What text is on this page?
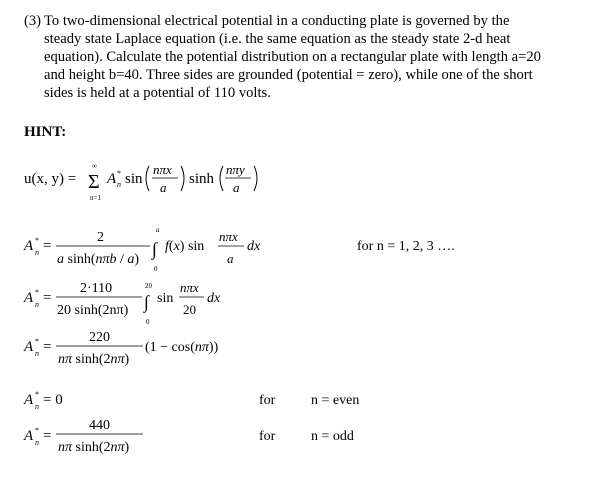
(3) To two-dimensional electrical potential in a conducting plate is governed by the
steady state Laplace equation (i.e. the same equation as the steady state 2-d heat
equation). Calculate the potential distribution on a rectangular plate with length a=20
and height b=40. Three sides are grounded (potential = zero), while one of the short
sides is held at a potential of 110 volts.
HINT:
u(x, y) =
∞
Σ
n=1
A *
n sin
nπx
a
sinh
nπy
a
A *
n =
2
a sinh(nπb / a)
a
∫
0
f(x) sin
nπx
a
dx	for n = 1, 2, 3 ….
A *
n =
2·110
20 sinh(2nπ)
20
∫
0
sin
nπx
20
dx
A *
n =
220
nπ sinh(2nπ)
(1 − cos(nπ))
A *
n = 0	for	n = even
A *
n =
440
nπ sinh(2nπ)
for	n = odd
